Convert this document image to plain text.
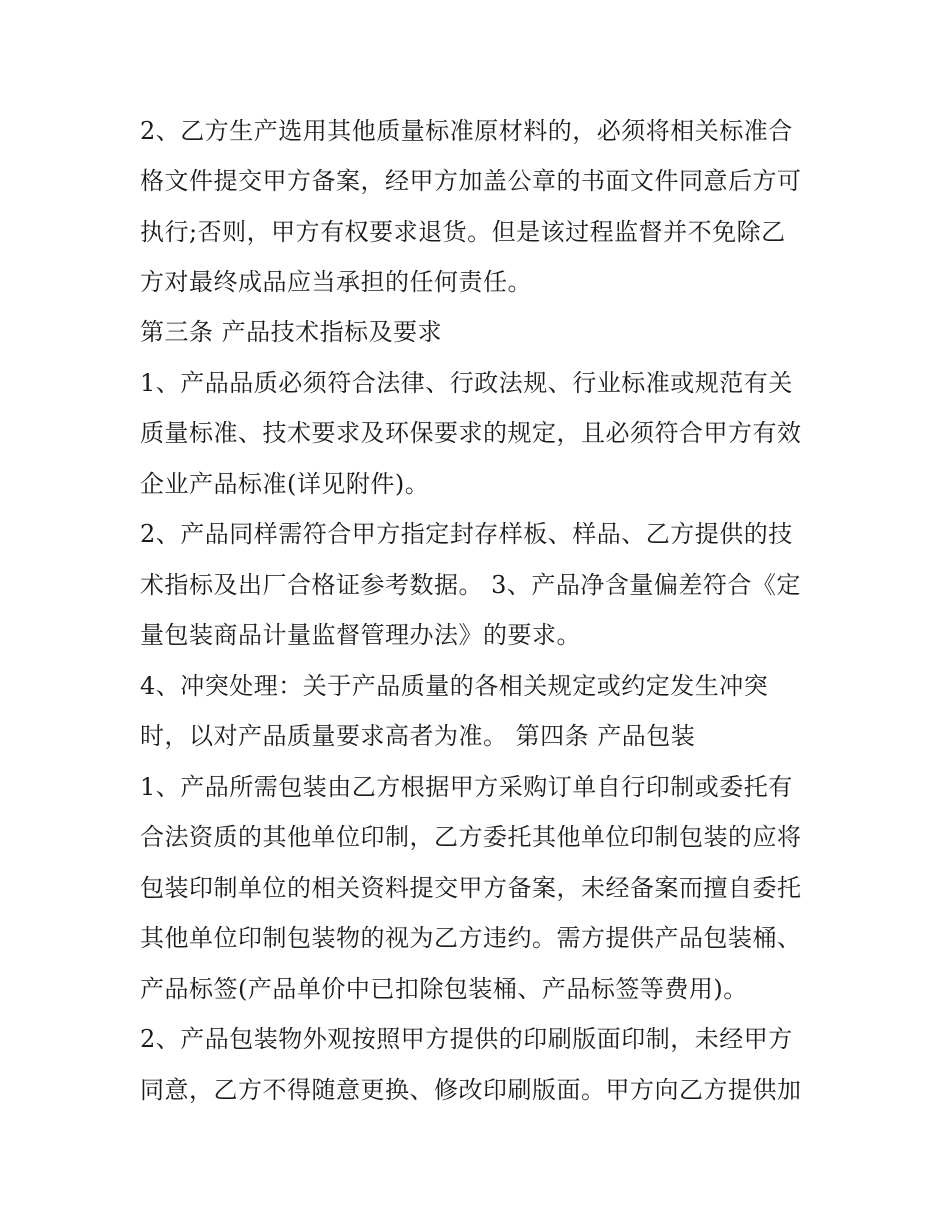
2、乙方生产选用其他质量标准原材料的，必须将相关标准合
格文件提交甲方备案，经甲方加盖公章的书面文件同意后方可
执行;否则，甲方有权要求退货。但是该过程监督并不免除乙
方对最终成品应当承担的任何责任。
第三条 产品技术指标及要求
1、产品品质必须符合法律、行政法规、行业标准或规范有关
质量标准、技术要求及环保要求的规定，且必须符合甲方有效
企业产品标准(详见附件)。
2、产品同样需符合甲方指定封存样板、样品、乙方提供的技
术指标及出厂合格证参考数据。 3、产品净含量偏差符合《定
量包装商品计量监督管理办法》的要求。
4、冲突处理：关于产品质量的各相关规定或约定发生冲突
时，以对产品质量要求高者为准。 第四条 产品包装
1、产品所需包装由乙方根据甲方采购订单自行印制或委托有
合法资质的其他单位印制，乙方委托其他单位印制包装的应将
包装印制单位的相关资料提交甲方备案，未经备案而擅自委托
其他单位印制包装物的视为乙方违约。需方提供产品包装桶、
产品标签(产品单价中已扣除包装桶、产品标签等费用)。
2、产品包装物外观按照甲方提供的印刷版面印制，未经甲方
同意，乙方不得随意更换、修改印刷版面。甲方向乙方提供加
